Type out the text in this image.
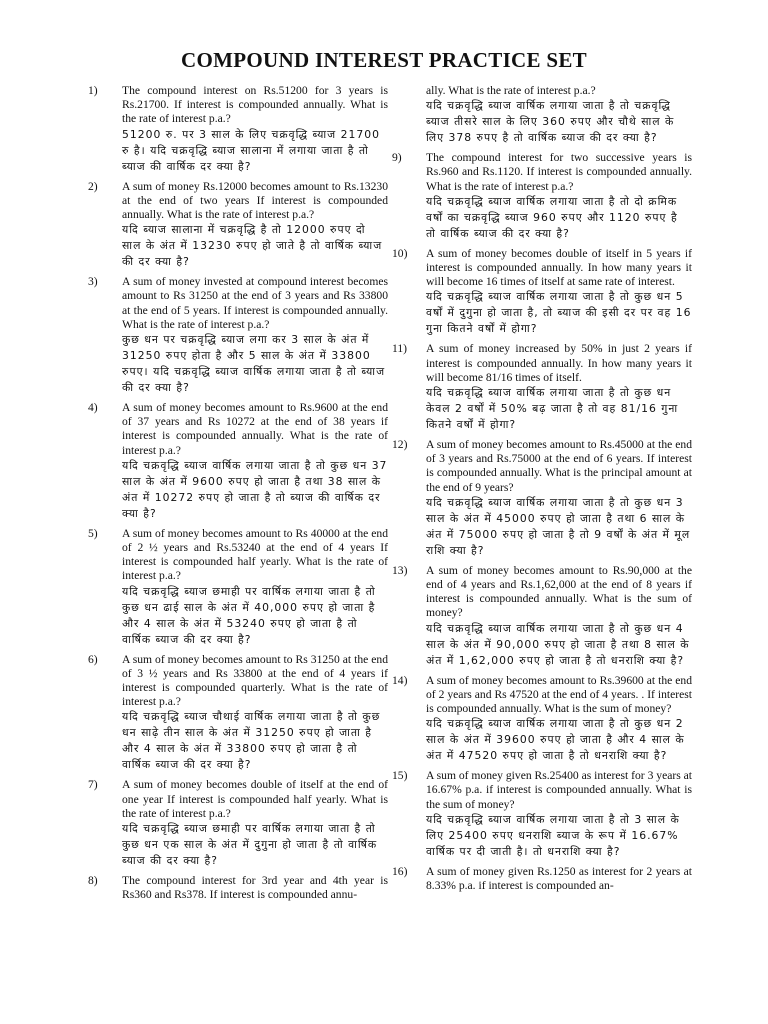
COMPOUND INTEREST PRACTICE SET
1)	The compound interest on Rs.51200 for 3 years is Rs.21700. If interest is compounded annually. What is the rate of interest p.a.?
51200 रु. पर 3 साल के लिए चक्रवृद्धि ब्याज 21700 रु है। यदि चक्रवृद्धि ब्याज सालाना में लगाया जाता है तो ब्याज की वार्षिक दर क्या है?
2)	A sum of money Rs.12000 becomes amount to Rs.13230 at the end of two years If interest is compounded annually. What is the rate of interest p.a.?
यदि ब्याज सालाना में चक्रवृद्धि है तो 12000 रुपए दो साल के अंत में 13230 रुपए हो जाते है तो वार्षिक ब्याज की दर क्या है?
3)	A sum of money invested at compound interest becomes amount to Rs 31250 at the end of 3 years and Rs 33800 at the end of 5 years. If interest is compounded annually. What is the rate of interest p.a.?
कुछ धन पर चक्रवृद्धि ब्याज लगा कर 3 साल के अंत में 31250 रुपए होता है और 5 साल के अंत में 33800 रुपए। यदि चक्रवृद्धि ब्याज वार्षिक लगाया जाता है तो ब्याज की दर क्या है?
4)	A sum of money becomes amount to Rs.9600 at the end of 37 years and Rs 10272 at the end of 38 years if interest is compounded annually. What is the rate of interest p.a.?
यदि चक्रवृद्धि ब्याज वार्षिक लगाया जाता है तो कुछ धन 37 साल के अंत में 9600 रुपए हो जाता है तथा 38 साल के अंत में 10272 रुपए हो जाता है तो ब्याज की वार्षिक दर क्या है?
5)	A sum of money becomes amount to Rs 40000 at the end of 2 ½ years and Rs.53240 at the end of 4 years If interest is compounded half yearly. What is the rate of interest p.a.?
यदि चक्रवृद्धि ब्याज छमाही पर वार्षिक लगाया जाता है तो कुछ धन ढाई साल के अंत में 40,000 रुपए हो जाता है और 4 साल के अंत में 53240 रुपए हो जाता है तो वार्षिक ब्याज की दर क्या है?
6)	A sum of money becomes amount to Rs 31250 at the end of 3 ½ years and Rs 33800 at the end of 4 years if interest is compounded quarterly. What is the rate of interest p.a.?
यदि चक्रवृद्धि ब्याज चौथाई वार्षिक लगाया जाता है तो कुछ धन साढ़े तीन साल के अंत में 31250 रुपए हो जाता है और 4 साल के अंत में 33800 रुपए हो जाता है तो वार्षिक ब्याज की दर क्या है?
7)	A sum of money becomes double of itself at the end of one year If interest is compounded half yearly. What is the rate of interest p.a.?
यदि चक्रवृद्धि ब्याज छमाही पर वार्षिक लगाया जाता है तो कुछ धन एक साल के अंत में दुगुना हो जाता है तो वार्षिक ब्याज की दर क्या है?
8)	The compound interest for 3rd year and 4th year is Rs360 and Rs378. If interest is compounded annu-
ally. What is the rate of interest p.a.?
यदि चक्रवृद्धि ब्याज वार्षिक लगाया जाता है तो चक्रवृद्धि ब्याज तीसरे साल के लिए 360 रुपए और चौथे साल के लिए 378 रुपए है तो वार्षिक ब्याज की दर क्या है?
9)	The compound interest for two successive years is Rs.960 and Rs.1120. If interest is compounded annually. What is the rate of interest p.a.?
यदि चक्रवृद्धि ब्याज वार्षिक लगाया जाता है तो दो क्रमिक वर्षों का चक्रवृद्धि ब्याज 960 रुपए और 1120 रुपए है तो वार्षिक ब्याज की दर क्या है?
10)	A sum of money becomes double of itself in 5 years if interest is compounded annually. In how many years it will become 16 times of itself at same rate of interest.
यदि चक्रवृद्धि ब्याज वार्षिक लगाया जाता है तो कुछ धन 5 वर्षों में दुगुना हो जाता है, तो ब्याज की इसी दर पर वह 16 गुना कितने वर्षों में होगा?
11)	A sum of money increased by 50% in just 2 years if interest is compounded annually. In how many years it will become 81/16 times of itself.
यदि चक्रवृद्धि ब्याज वार्षिक लगाया जाता है तो कुछ धन केवल 2 वर्षों में 50% बढ़ जाता है तो वह 81/16 गुना कितने वर्षों में होगा?
12)	A sum of money becomes amount to Rs.45000 at the end of 3 years and Rs.75000 at the end of 6 years. If interest is compounded annually. What is the principal amount at the end of 9 years?
यदि चक्रवृद्धि ब्याज वार्षिक लगाया जाता है तो कुछ धन 3 साल के अंत में 45000 रुपए हो जाता है तथा 6 साल के अंत में 75000 रुपए हो जाता है तो 9 वर्षों के अंत में मूल राशि क्या है?
13)	A sum of money becomes amount to Rs.90,000 at the end of 4 years and Rs.1,62,000 at the end of 8 years if interest is compounded annually. What is the sum of money?
यदि चक्रवृद्धि ब्याज वार्षिक लगाया जाता है तो कुछ धन 4 साल के अंत में 90,000 रुपए हो जाता है तथा 8 साल के अंत में 1,62,000 रुपए हो जाता है तो धनराशि क्या है?
14)	A sum of money becomes amount to Rs.39600 at the end of 2 years and Rs 47520 at the end of 4 years. . If interest is compounded annually. What is the sum of money?
यदि चक्रवृद्धि ब्याज वार्षिक लगाया जाता है तो कुछ धन 2 साल के अंत में 39600 रुपए हो जाता है और 4 साल के अंत में 47520 रुपए हो जाता है तो धनराशि क्या है?
15)	A sum of money given Rs.25400 as interest for 3 years at 16.67% p.a. if interest is compounded annually. What is the sum of money?
यदि चक्रवृद्धि ब्याज वार्षिक लगाया जाता है तो 3 साल के लिए 25400 रुपए धनराशि ब्याज के रूप में 16.67% वार्षिक पर दी जाती है। तो धनराशि क्या है?
16)	A sum of money given Rs.1250 as interest for 2 years at 8.33% p.a. if interest is compounded an-
